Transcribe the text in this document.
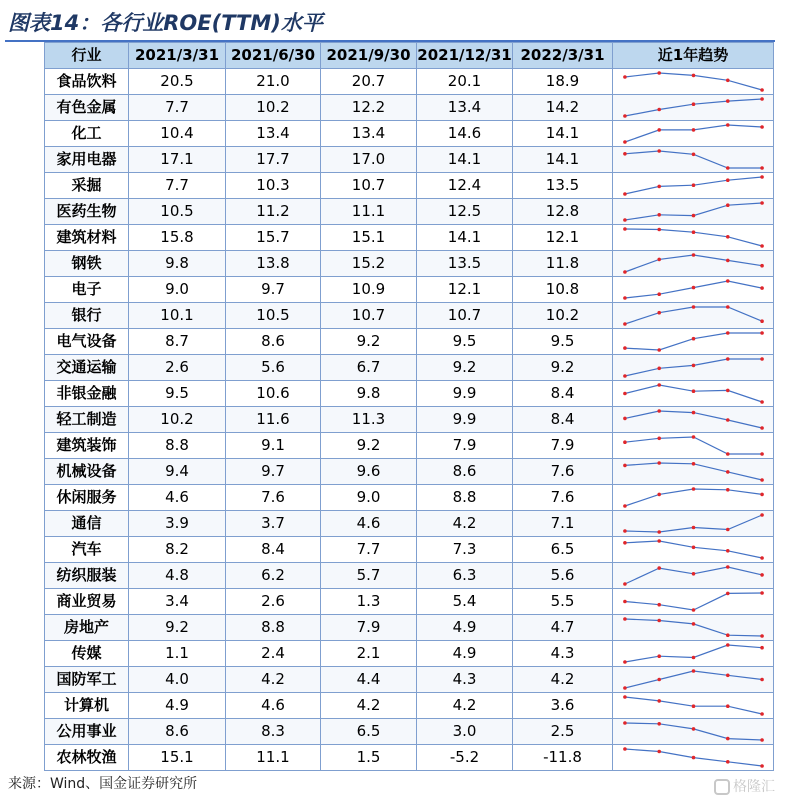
图表14：各行业ROE(TTM)水平
行业	2021/3/31	2021/6/30	2021/9/30	2021/12/31	2022/3/31	近1年趋势
食品饮料	20.5	21.0	20.7	20.1	18.9	

有色金属	7.7	10.2	12.2	13.4	14.2	

化工	10.4	13.4	13.4	14.6	14.1	

家用电器	17.1	17.7	17.0	14.1	14.1	

采掘	7.7	10.3	10.7	12.4	13.5	

医药生物	10.5	11.2	11.1	12.5	12.8	

建筑材料	15.8	15.7	15.1	14.1	12.1	

钢铁	9.8	13.8	15.2	13.5	11.8	

电子	9.0	9.7	10.9	12.1	10.8	

银行	10.1	10.5	10.7	10.7	10.2	

电气设备	8.7	8.6	9.2	9.5	9.5	

交通运输	2.6	5.6	6.7	9.2	9.2	

非银金融	9.5	10.6	9.8	9.9	8.4	

轻工制造	10.2	11.6	11.3	9.9	8.4	

建筑装饰	8.8	9.1	9.2	7.9	7.9	

机械设备	9.4	9.7	9.6	8.6	7.6	

休闲服务	4.6	7.6	9.0	8.8	7.6	

通信	3.9	3.7	4.6	4.2	7.1	

汽车	8.2	8.4	7.7	7.3	6.5	

纺织服装	4.8	6.2	5.7	6.3	5.6	

商业贸易	3.4	2.6	1.3	5.4	5.5	

房地产	9.2	8.8	7.9	4.9	4.7	

传媒	1.1	2.4	2.1	4.9	4.3	

国防军工	4.0	4.2	4.4	4.3	4.2	

计算机	4.9	4.6	4.2	4.2	3.6	

公用事业	8.6	8.3	6.5	3.0	2.5	

农林牧渔	15.1	11.1	1.5	-5.2	-11.8	
来源：Wind、国金证券研究所	格隆汇
